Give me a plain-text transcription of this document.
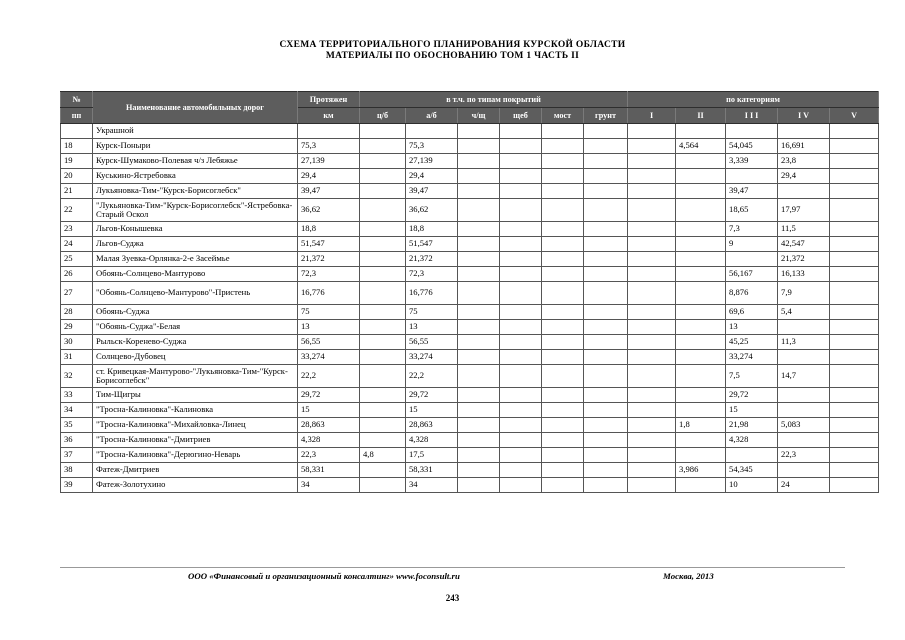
СХЕМА ТЕРРИТОРИАЛЬНОГО ПЛАНИРОВАНИЯ КУРСКОЙ ОБЛАСТИ
МАТЕРИАЛЫ ПО ОБОСНОВАНИЮ ТОМ 1 ЧАСТЬ II
№	Наименование автомобильных дорог	Протяжен	в т.ч. по типам покрытий						по категориям				
пп		км	ц/б	а/б	ч/щ	щеб	мост	грунт	I	II	I I I	I V	V
	Украшной												
18	Курск-Поныри	75,3		75,3						4,564	54,045	16,691	
19	Курск-Шумаково-Полевая ч/з Лебяжье	27,139		27,139							3,339	23,8	
20	Куськино-Ястребовка	29,4		29,4								29,4	
21	Лукьяновка-Тим-"Курск-Борисоглебск"	39,47		39,47							39,47		
22	"Лукьяновка-Тим-"Курск-Борисоглебск"-Ястребовка-Старый Оскол	36,62		36,62							18,65	17,97	
23	Льгов-Конышевка	18,8		18,8							7,3	11,5	
24	Льгов-Суджа	51,547		51,547							9	42,547	
25	Малая Зуевка-Орлянка-2-е Засеймье	21,372		21,372								21,372	
26	Обоянь-Солнцево-Мантурово	72,3		72,3							56,167	16,133	
27	"Обоянь-Солнцево-Мантурово"-Пристень	16,776		16,776							8,876	7,9	
28	Обоянь-Суджа	75		75							69,6	5,4	
29	"Обоянь-Суджа"-Белая	13		13							13		
30	Рыльск-Коренево-Суджа	56,55		56,55							45,25	11,3	
31	Солнцево-Дубовец	33,274		33,274							33,274		
32	ст. Кривецкая-Мантурово-"Лукьяновка-Тим-"Курск-Борисоглебск"	22,2		22,2							7,5	14,7	
33	Тим-Щигры	29,72		29,72							29,72		
34	"Тросна-Калиновка"-Калиновка	15		15							15		
35	"Тросна-Калиновка"-Михайловка-Линец	28,863		28,863						1,8	21,98	5,083	
36	"Тросна-Калиновка"-Дмитриев	4,328		4,328							4,328		
37	"Тросна-Калиновка"-Дерюгино-Неварь	22,3	4,8	17,5								22,3	
38	Фатеж-Дмитриев	58,331		58,331						3,986	54,345		
39	Фатеж-Золотухино	34		34							10	24	
ООО «Финансовый и организационный консалтинг» www.foconsult.ru	Москва, 2013
243
